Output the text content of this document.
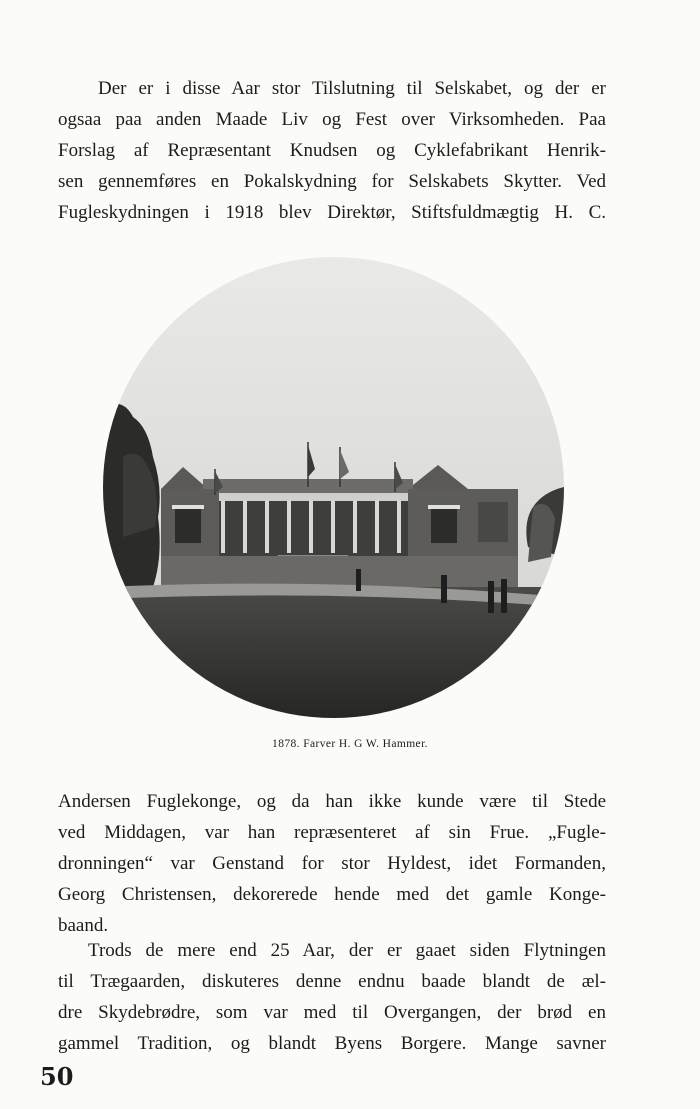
Der er i disse Aar stor Tilslutning til Selskabet, og der er
ogsaa paa anden Maade Liv og Fest over Virksomheden. Paa
Forslag af Repræsentant Knudsen og Cyklefabrikant Henrik-
sen gennemføres en Pokalskydning for Selskabets Skytter. Ved
Fugleskydningen i 1918 blev Direktør, Stiftsfuldmægtig H. C.
1878. Farver H. G W. Hammer.
Andersen Fuglekonge, og da han ikke kunde være til Stede
ved Middagen, var han repræsenteret af sin Frue. „Fugle-
dronningen“ var Genstand for stor Hyldest, idet Formanden,
Georg Christensen, dekorerede hende med det gamle Konge-
baand.
Trods de mere end 25 Aar, der er gaaet siden Flytningen
til Trægaarden, diskuteres denne endnu baade blandt de æl-
dre Skydebrødre, som var med til Overgangen, der brød en
gammel Tradition, og blandt Byens Borgere. Mange savner
50
